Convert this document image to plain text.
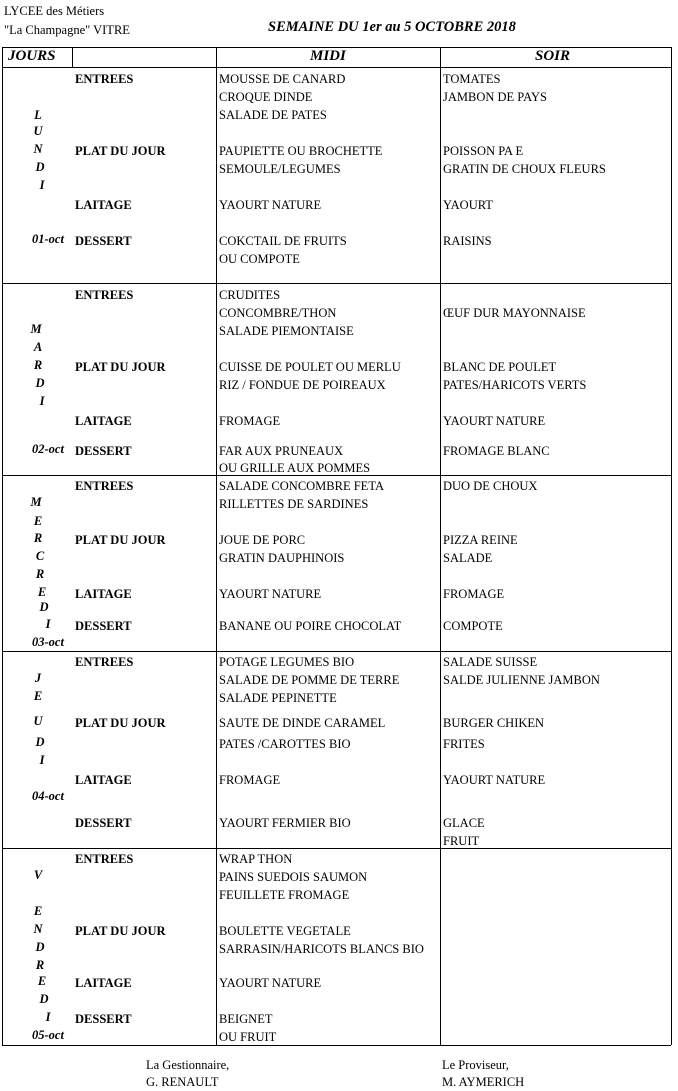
LYCEE des Métiers
"La Champagne" VITRE	SEMAINE DU 1er au 5 OCTOBRE 2018
JOURS	MIDI	SOIR
L
U
N
D
I
01-oct
ENTREES	MOUSSE DE CANARD	TOMATES
CROQUE DINDE	JAMBON DE PAYS
SALADE DE PATES
PLAT DU JOUR	PAUPIETTE OU BROCHETTE	POISSON PA E
SEMOULE/LEGUMES	GRATIN DE CHOUX FLEURS
LAITAGE	YAOURT NATURE	YAOURT
DESSERT	COKCTAIL DE FRUITS	RAISINS
OU COMPOTE
M
A
R
D
I
02-oct
ENTREES	CRUDITES
CONCOMBRE/THON	ŒUF DUR MAYONNAISE
SALADE PIEMONTAISE
PLAT DU JOUR	CUISSE DE POULET OU MERLU	BLANC DE POULET
RIZ / FONDUE DE POIREAUX	PATES/HARICOTS VERTS
LAITAGE	FROMAGE	YAOURT NATURE
DESSERT	FAR AUX PRUNEAUX	FROMAGE BLANC
OU GRILLE AUX POMMES
M
E
R
C
R
E
D
I
03-oct
ENTREES	SALADE CONCOMBRE FETA	DUO DE CHOUX
RILLETTES DE SARDINES
PLAT DU JOUR	JOUE DE PORC	PIZZA REINE
GRATIN DAUPHINOIS	SALADE
LAITAGE	YAOURT NATURE	FROMAGE
DESSERT	BANANE OU POIRE CHOCOLAT	COMPOTE
J
E
U
D
I
04-oct
ENTREES	POTAGE LEGUMES BIO	SALADE SUISSE
SALADE DE POMME DE TERRE	SALDE JULIENNE JAMBON
SALADE PEPINETTE
PLAT DU JOUR	SAUTE DE DINDE CARAMEL	BURGER CHIKEN
PATES /CAROTTES BIO	FRITES
LAITAGE	FROMAGE	YAOURT NATURE
DESSERT	YAOURT FERMIER BIO	GLACE
FRUIT
V
E
N
D
R
E
D
I
05-oct
ENTREES	WRAP THON
PAINS SUEDOIS SAUMON
FEUILLETE FROMAGE
PLAT DU JOUR	BOULETTE VEGETALE
SARRASIN/HARICOTS BLANCS BIO
LAITAGE	YAOURT NATURE
DESSERT	BEIGNET
OU FRUIT
La Gestionnaire,
G. RENAULT
Le Proviseur,
M. AYMERICH
